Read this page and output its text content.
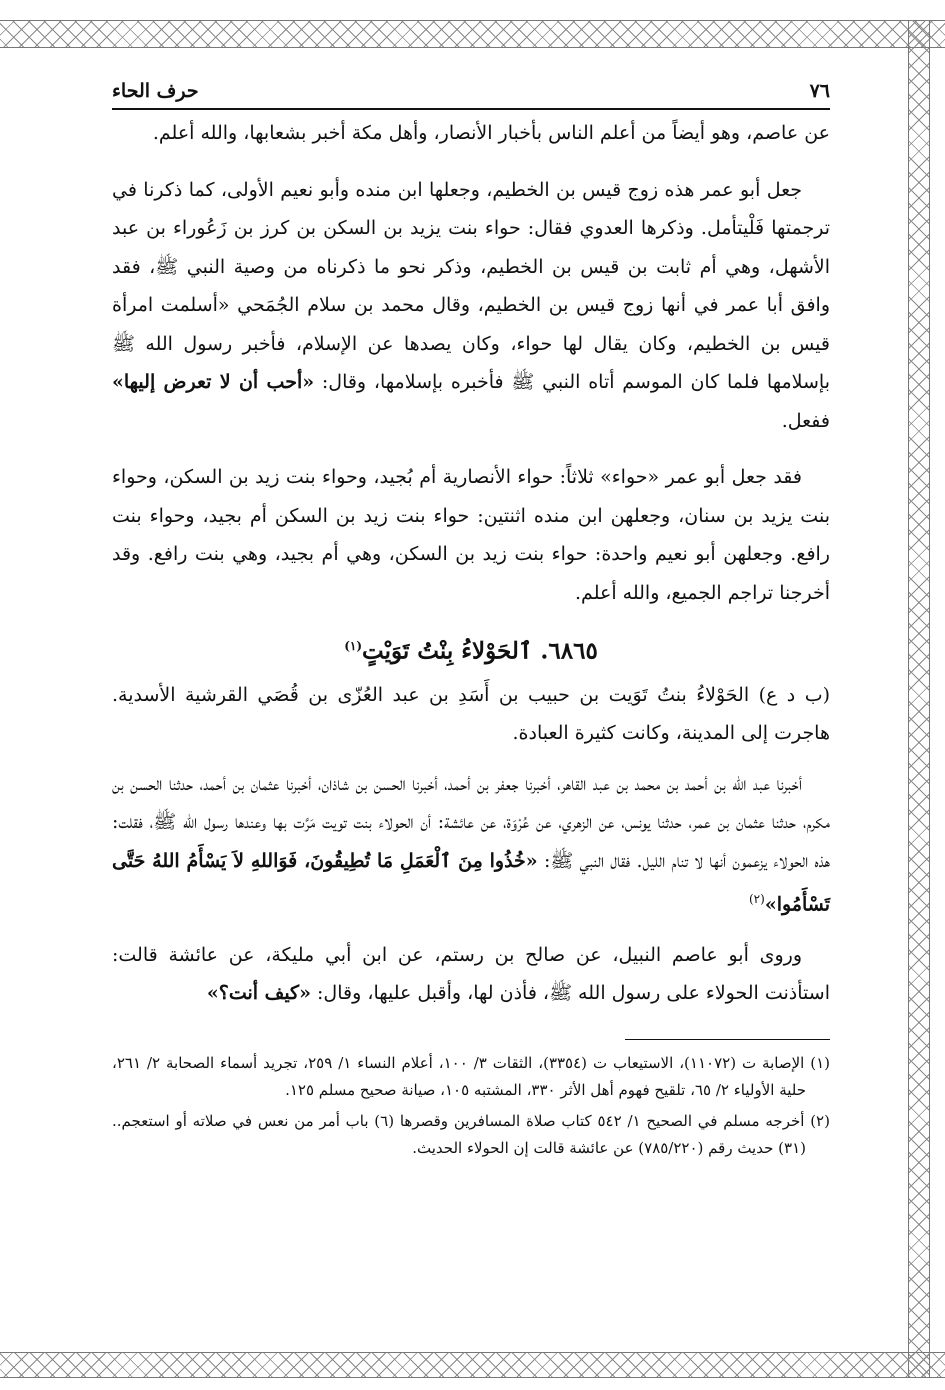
٧٦
حرف الحاء

عن عاصم، وهو أيضاً من أعلم الناس بأخبار الأنصار، وأهل مكة أخبر بشعابها، والله أعلم.

جعل أبو عمر هذه زوج قيس بن الخطيم، وجعلها ابن منده وأبو نعيم الأولى، كما ذكرنا في ترجمتها فَلْيتأمل. وذكرها العدوي فقال: حواء بنت يزيد بن السكن بن كرز بن زَعُوراء بن عبد الأشهل، وهي أم ثابت بن قيس بن الخطيم، وذكر نحو ما ذكرناه من وصية النبي ﷺ، فقد وافق أبا عمر في أنها زوج قيس بن الخطيم، وقال محمد بن سلام الجُمَحي «أسلمت امرأة قيس بن الخطيم، وكان يقال لها حواء، وكان يصدها عن الإسلام، فأخبر رسول الله ﷺ بإسلامها فلما كان الموسم أتاه النبي ﷺ فأخبره بإسلامها، وقال: «أحب أن لا تعرض إليها» ففعل.

فقد جعل أبو عمر «حواء» ثلاثاً: حواء الأنصارية أم بُجيد، وحواء بنت زيد بن السكن، وحواء بنت يزيد بن سنان، وجعلهن ابن منده اثنتين: حواء بنت زيد بن السكن أم بجيد، وحواء بنت رافع. وجعلهن أبو نعيم واحدة: حواء بنت زيد بن السكن، وهي أم بجيد، وهي بنت رافع. وقد أخرجنا تراجم الجميع، والله أعلم.

٦٨٦٥. ٱلحَوْلاءُ بِنْتُ تَوَيْتٍ$^{(١)}$

(ب د ع) الحَوْلاءُ بنتُ تَوَيت بن حبيب بن أَسَدِ بن عبد العُزّى بن قُصَي القرشية الأسدية. هاجرت إلى المدينة، وكانت كثيرة العبادة.

أخبرنا عبد الله بن أحمد بن محمد بن عبد القاهر، أخبرنا جعفر بن أحمد، أخبرنا الحسن بن شاذان، أخبرنا عثمان بن أحمد، حدثنا الحسن بن مكرم، حدثنا عثمان بن عمر، حدثنا يونس، عن الزهري، عن عُرْوَة، عن عائشة: أن الحولاء بنت تويت مَرَّت بها وعندها رسول الله ﷺ، فقلت: هذه الحولاء يزعمون أنها لا تنام الليل. فقال النبي ﷺ: «خُذُوا مِنَ ٱلْعَمَلِ مَا تُطِيقُونَ، فَوَاللهِ لاَ يَسْأَمُ اللهُ حَتَّى تَسْأَمُوا»$^{(٢)}$

وروى أبو عاصم النبيل، عن صالح بن رستم، عن ابن أبي مليكة، عن عائشة قالت: استأذنت الحولاء على رسول الله ﷺ، فأذن لها، وأقبل عليها، وقال: «كيف أنت؟»

(١) الإصابة ت (١١٠٧٢)، الاستيعاب ت (٣٣٥٤)، الثقات ٣/ ١٠٠، أعلام النساء ١/ ٢٥٩، تجريد أسماء الصحابة ٢/ ٢٦١، حلية الأولياء ٢/ ٦٥، تلقيح فهوم أهل الأثر ٣٣٠، المشتبه ١٠٥، صيانة صحيح مسلم ١٢٥.

(٢) أخرجه مسلم في الصحيح ١/ ٥٤٢ كتاب صلاة المسافرين وقصرها (٦) باب أمر من نعس في صلاته أو استعجم.. (٣١) حديث رقم (٧٨٥/٢٢٠) عن عائشة قالت إن الحولاء الحديث.
